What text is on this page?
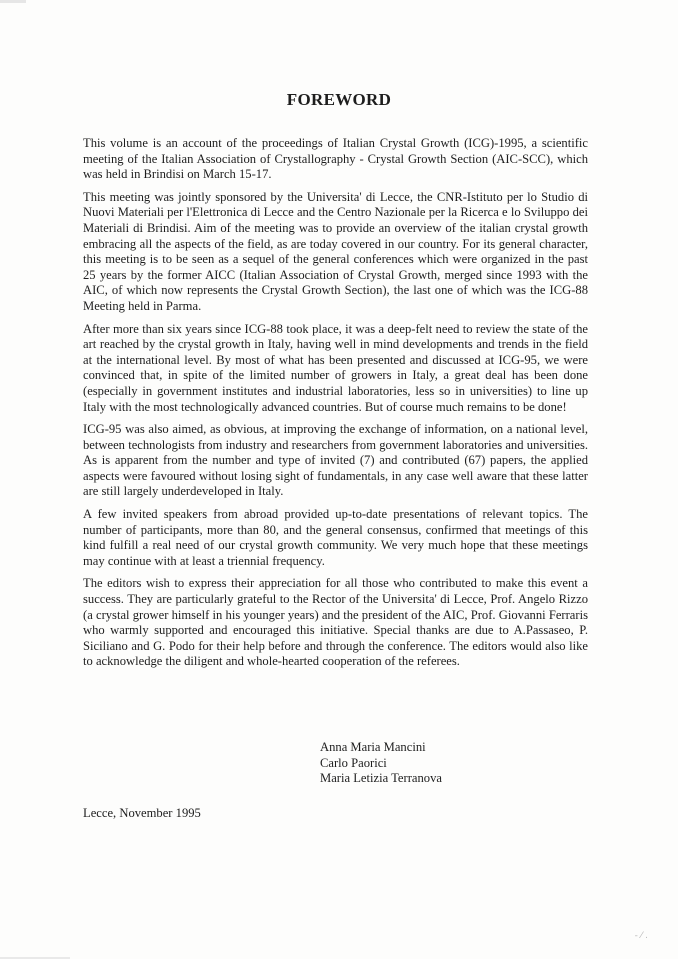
- ⁄ .
FOREWORD

This volume is an account of the proceedings of Italian Crystal Growth (ICG)-1995, a scientific meeting of the Italian Association of Crystallography - Crystal Growth Section (AIC-SCC), which was held in Brindisi on March 15-17.

This meeting was jointly sponsored by the Universita' di Lecce, the CNR-Istituto per lo Studio di Nuovi Materiali per l'Elettronica di Lecce and the Centro Nazionale per la Ricerca e lo Sviluppo dei Materiali di Brindisi. Aim of the meeting was to provide an overview of the italian crystal growth embracing all the aspects of the field, as are today covered in our country. For its general character, this meeting is to be seen as a sequel of the general conferences which were organized in the past 25 years by the former AICC (Italian Association of Crystal Growth, merged since 1993 with the AIC, of which now represents the Crystal Growth Section), the last one of which was the ICG-88 Meeting held in Parma.

After more than six years since ICG-88 took place, it was a deep-felt need to review the state of the art reached by the crystal growth in Italy, having well in mind developments and trends in the field at the international level. By most of what has been presented and discussed at ICG-95, we were convinced that, in spite of the limited number of growers in Italy, a great deal has been done (especially in government institutes and industrial laboratories, less so in universities) to line up Italy with the most technologically advanced countries. But of course much remains to be done!

ICG-95 was also aimed, as obvious, at improving the exchange of information, on a national level, between technologists from industry and researchers from government laboratories and universities. As is apparent from the number and type of invited (7) and contributed (67) papers, the applied aspects were favoured without losing sight of fundamentals, in any case well aware that these latter are still largely underdeveloped in Italy.

A few invited speakers from abroad provided up-to-date presentations of relevant topics. The number of participants, more than 80, and the general consensus, confirmed that meetings of this kind fulfill a real need of our crystal growth community. We very much hope that these meetings may continue with at least a triennial frequency.

The editors wish to express their appreciation for all those who contributed to make this event a success. They are particularly grateful to the Rector of the Universita' di Lecce, Prof. Angelo Rizzo (a crystal grower himself in his younger years) and the president of the AIC, Prof. Giovanni Ferraris who warmly supported and encouraged this initiative. Special thanks are due to A.Passaseo, P. Siciliano and G. Podo for their help before and through the conference. The editors would also like to acknowledge the diligent and whole-hearted cooperation of the referees.

Anna Maria Mancini
Carlo Paorici
Maria Letizia Terranova
Lecce, November 1995
